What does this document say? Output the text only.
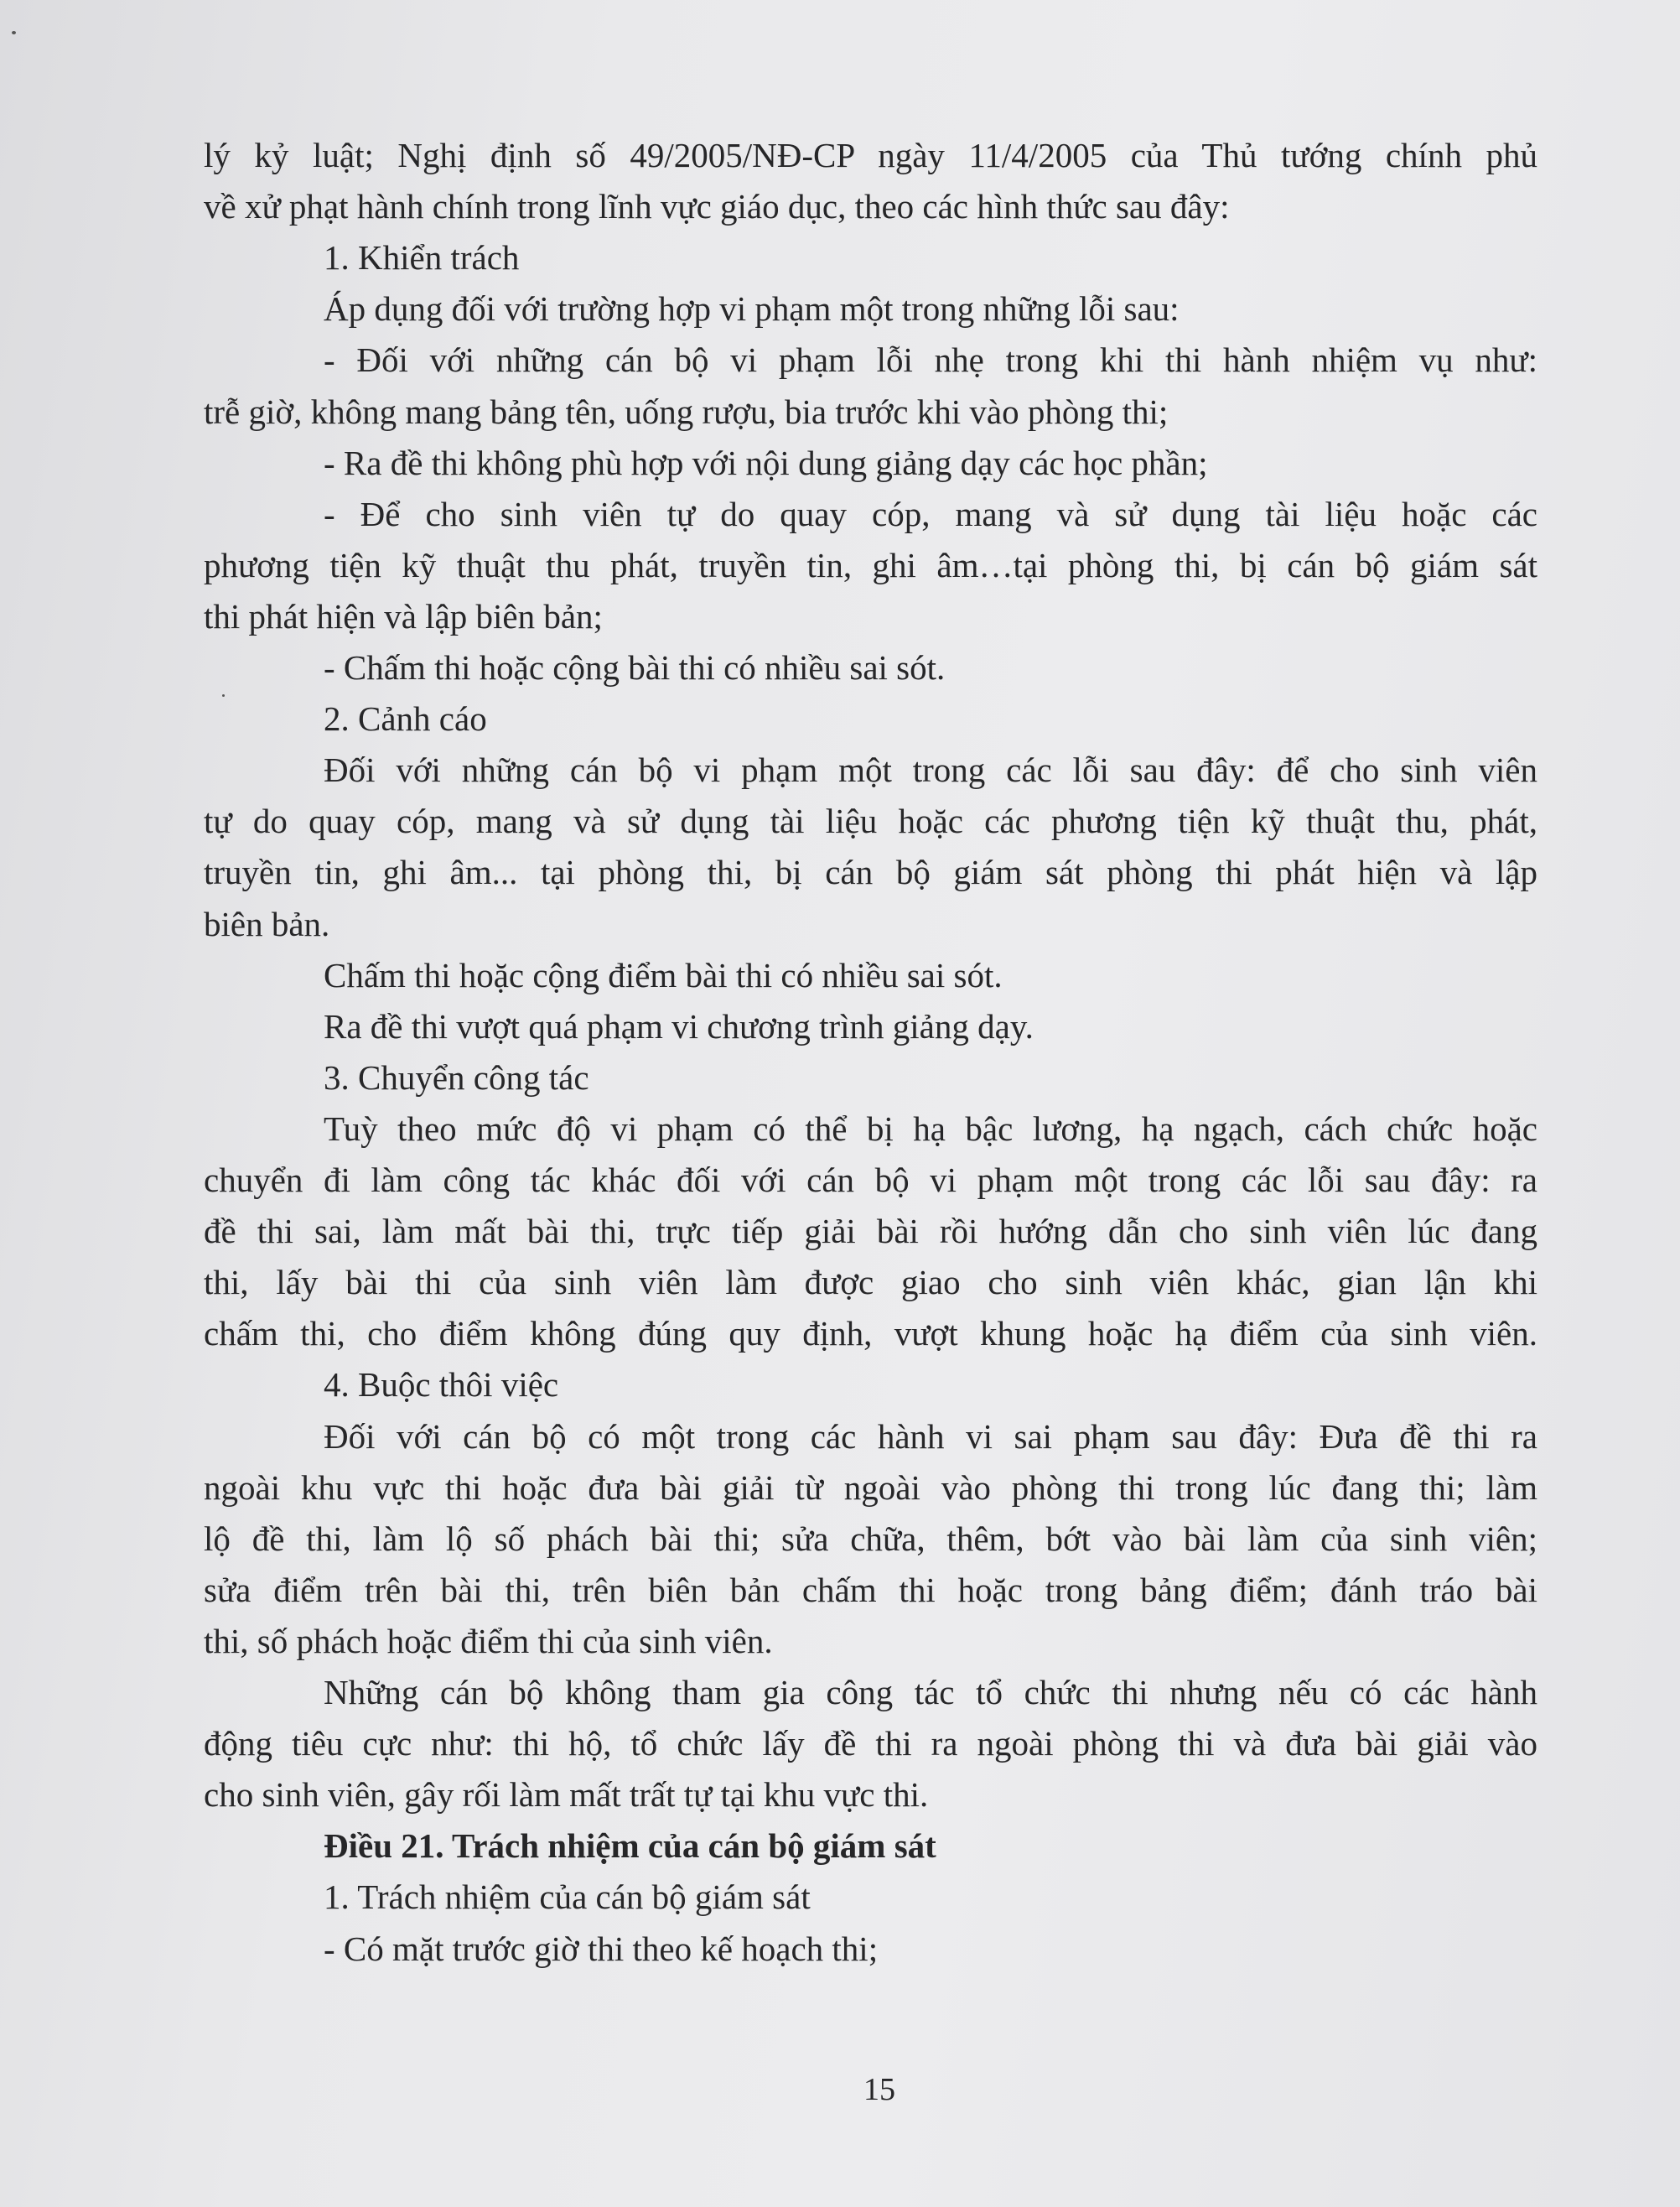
lý kỷ luật; Nghị định số 49/2005/NĐ-CP ngày 11/4/2005 của Thủ tướng chính phủ
về xử phạt hành chính trong lĩnh vực giáo dục, theo các hình thức sau đây:
1. Khiển trách
Áp dụng đối với trường hợp vi phạm một trong những lỗi sau:
- Đối với những cán bộ vi phạm lỗi nhẹ trong khi thi hành nhiệm vụ như:
trễ giờ, không mang bảng tên, uống rượu, bia trước khi vào phòng thi;
- Ra đề thi không phù hợp với nội dung giảng dạy các học phần;
- Để cho sinh viên tự do quay cóp, mang và sử dụng tài liệu hoặc các
phương tiện kỹ thuật thu phát, truyền tin, ghi âm…tại phòng thi, bị cán bộ giám sát
thi phát hiện và lập biên bản;
- Chấm thi hoặc cộng bài thi có nhiều sai sót.
2. Cảnh cáo
Đối với những cán bộ vi phạm một trong các lỗi sau đây: để cho sinh viên
tự do quay cóp, mang và sử dụng tài liệu hoặc các phương tiện kỹ thuật thu, phát,
truyền tin, ghi âm... tại phòng thi, bị cán bộ giám sát phòng thi phát hiện và lập
biên bản.
Chấm thi hoặc cộng điểm bài thi có nhiều sai sót.
Ra đề thi vượt quá phạm vi chương trình giảng dạy.
3. Chuyển công tác
Tuỳ theo mức độ vi phạm có thể bị hạ bậc lương, hạ ngạch, cách chức hoặc
chuyển đi làm công tác khác đối với cán bộ vi phạm một trong các lỗi sau đây: ra
đề thi sai, làm mất bài thi, trực tiếp giải bài rồi hướng dẫn cho sinh viên lúc đang
thi, lấy bài thi của sinh viên làm được giao cho sinh viên khác, gian lận khi
chấm thi, cho điểm không đúng quy định, vượt khung hoặc hạ điểm của sinh viên.
4. Buộc thôi việc
Đối với cán bộ có một trong các hành vi sai phạm sau đây: Đưa đề thi ra
ngoài khu vực thi hoặc đưa bài giải từ ngoài vào phòng thi trong lúc đang thi; làm
lộ đề thi, làm lộ số phách bài thi; sửa chữa, thêm, bớt vào bài làm của sinh viên;
sửa điểm trên bài thi, trên biên bản chấm thi hoặc trong bảng điểm; đánh tráo bài
thi, số phách hoặc điểm thi của sinh viên.
Những cán bộ không tham gia công tác tổ chức thi nhưng nếu có các hành
động tiêu cực như: thi hộ, tổ chức lấy đề thi ra ngoài phòng thi và đưa bài giải vào
cho sinh viên, gây rối làm mất trất tự tại khu vực thi.
Điều 21. Trách nhiệm của cán bộ giám sát
1. Trách nhiệm của cán bộ giám sát
- Có mặt trước giờ thi theo kế hoạch thi;
15
